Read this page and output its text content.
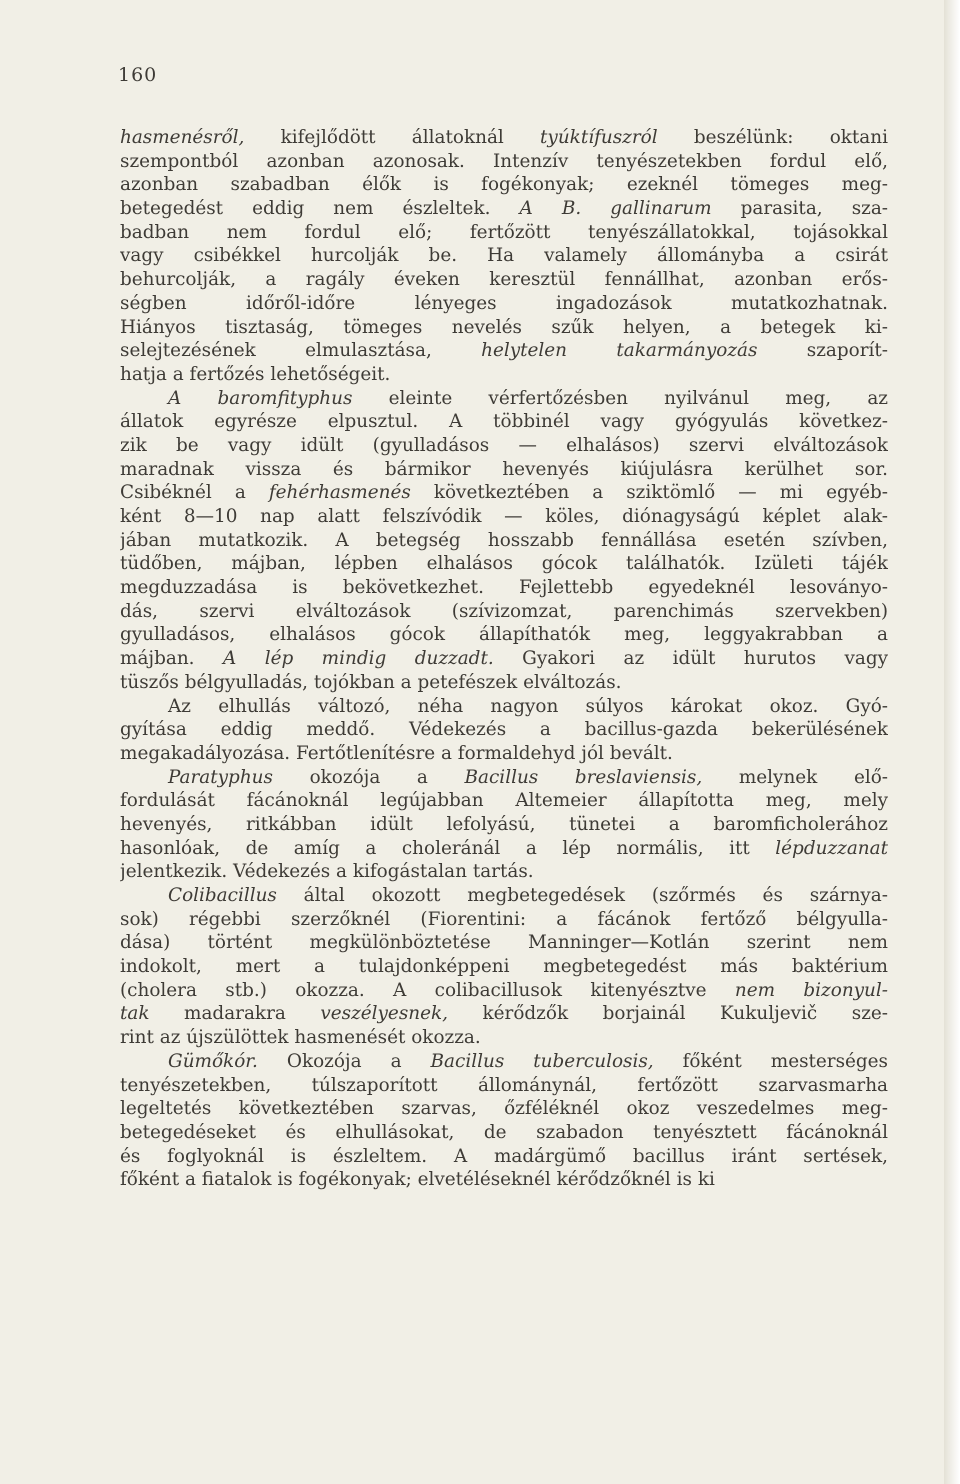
160
hasmenésről, kifejlődött állatoknál tyúktífuszról beszélünk: oktani
szempontból azonban azonosak. Intenzív tenyészetekben fordul elő,
azonban szabadban élők is fogékonyak; ezeknél tömeges meg-
betegedést eddig nem észleltek. A B. gallinarum parasita, sza-
badban nem fordul elő; fertőzött tenyészállatokkal, tojásokkal
vagy csibékkel hurcolják be. Ha valamely állományba a csirát
behurcolják, a ragály éveken keresztül fennállhat, azonban erős-
ségben időről-időre lényeges ingadozások mutatkozhatnak.
Hiányos tisztaság, tömeges nevelés szűk helyen, a betegek ki-
selejtezésének elmulasztása, helytelen takarmányozás szaporít-
hatja a fertőzés lehetőségeit.
A baromfityphus eleinte vérfertőzésben nyilvánul meg, az
állatok egyrésze elpusztul. A többinél vagy gyógyulás következ-
zik be vagy idült (gyulladásos — elhalásos) szervi elváltozások
maradnak vissza és bármikor hevenyés kiújulásra kerülhet sor.
Csibéknél a fehérhasmenés következtében a sziktömlő — mi egyéb-
ként 8—10 nap alatt felszívódik — köles, diónagyságú képlet alak-
jában mutatkozik. A betegség hosszabb fennállása esetén szívben,
tüdőben, májban, lépben elhalásos gócok találhatók. Izületi tájék
megduzzadása is bekövetkezhet. Fejlettebb egyedeknél lesoványo-
dás, szervi elváltozások (szívizomzat, parenchimás szervekben)
gyulladásos, elhalásos gócok állapíthatók meg, leggyakrabban a
májban. A lép mindig duzzadt. Gyakori az idült hurutos vagy
tüszős bélgyulladás, tojókban a petefészek elváltozás.
Az elhullás változó, néha nagyon súlyos károkat okoz. Gyó-
gyítása eddig meddő. Védekezés a bacillus-gazda bekerülésének
megakadályozása. Fertőtlenítésre a formaldehyd jól bevált.
Paratyphus okozója a Bacillus breslaviensis, melynek elő-
fordulását fácánoknál legújabban Altemeier állapította meg, mely
hevenyés, ritkábban idült lefolyású, tünetei a baromficholerához
hasonlóak, de amíg a choleránál a lép normális, itt lépduzzanat
jelentkezik. Védekezés a kifogástalan tartás.
Colibacillus által okozott megbetegedések (szőrmés és szárnya-
sok) régebbi szerzőknél (Fiorentini: a fácánok fertőző bélgyulla-
dása) történt megkülönböztetése Manninger—Kotlán szerint nem
indokolt, mert a tulajdonképpeni megbetegedést más baktérium
(cholera stb.) okozza. A colibacillusok kitenyésztve nem bizonyul-
tak madarakra veszélyesnek, kérődzők borjainál Kukuljevič sze-
rint az újszülöttek hasmenését okozza.
Gümőkór. Okozója a Bacillus tuberculosis, főként mesterséges
tenyészetekben, túlszaporított állománynál, fertőzött szarvasmarha
legeltetés következtében szarvas, őzféléknél okoz veszedelmes meg-
betegedéseket és elhullásokat, de szabadon tenyésztett fácánoknál
és foglyoknál is észleltem. A madárgümő bacillus iránt sertések,
főként a fiatalok is fogékonyak; elvetéléseknél kérődzőknél is ki
